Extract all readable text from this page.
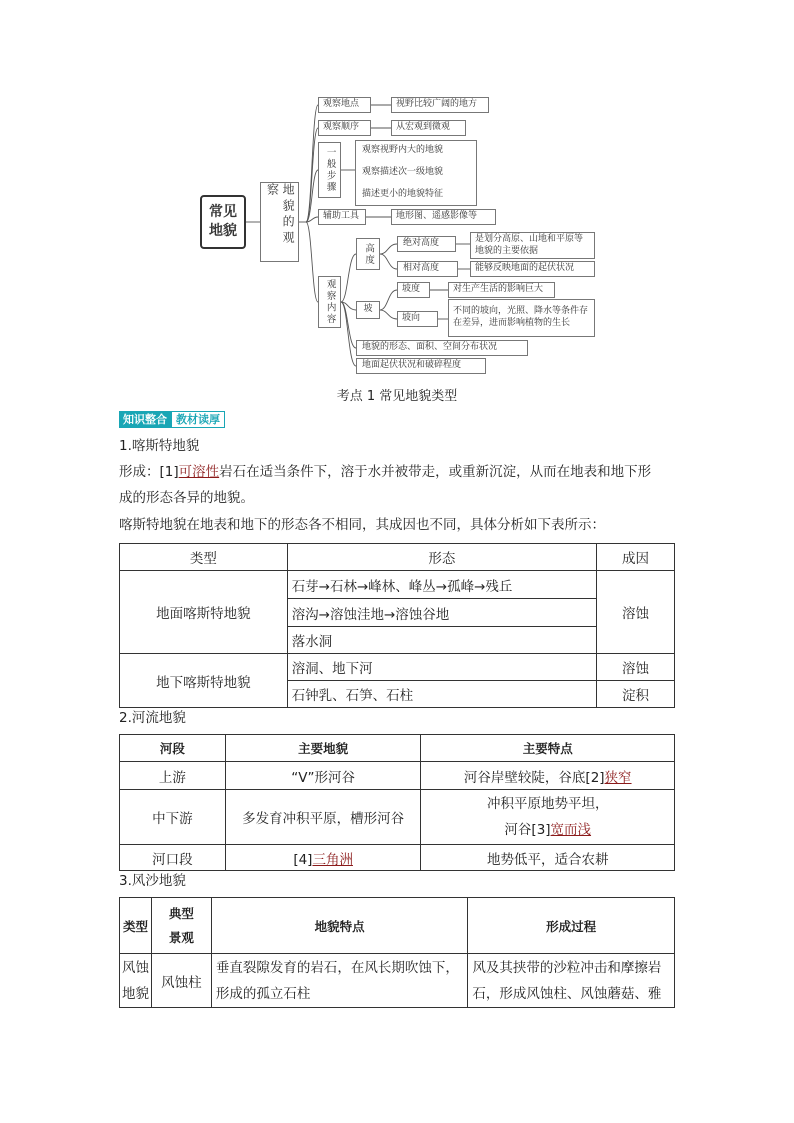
常见地貌	地貌的观察
观察地点	视野比较广阔的地方
观察顺序	从宏观到微观
一般步骤	观察视野内大的地貌
观察描述次一级地貌
描述更小的地貌特征
辅助工具	地形图、遥感影像等
观察内容
高度	绝对高度	是划分高原、山地和平原等地貌的主要依据
相对高度	能够反映地面的起伏状况
坡
坡度	对生产生活的影响巨大
坡向
不同的坡向，光照、降水等条件存在差异，进而影响植物的生长
地貌的形态、面积、空间分布状况
地面起伏状况和破碎程度
考点 1 常见地貌类型
知识整合 教材读厚
1.喀斯特地貌
形成：[1]可溶性岩石在适当条件下，溶于水并被带走，或重新沉淀，从而在地表和地下形
成的形态各异的地貌。
喀斯特地貌在地表和地下的形态各不相同，其成因也不同，具体分析如下表所示：
类型	形态	成因
地面喀斯特地貌	石芽→石林→峰林、峰丛→孤峰→残丘	溶蚀
	溶沟→溶蚀洼地→溶蚀谷地	
	落水洞	
地下喀斯特地貌	溶洞、地下河	溶蚀
	石钟乳、石笋、石柱	淀积
2.河流地貌
河段	主要地貌	主要特点
上游	“V”形河谷	河谷岸壁较陡，谷底[2]狭窄
中下游	多发育冲积平原，槽形河谷	冲积平原地势平坦，
河谷[3]宽而浅
河口段	[4]三角洲	地势低平，适合农耕
3.风沙地貌
类型	典型景观	地貌特点	形成过程
风蚀地貌	风蚀柱	垂直裂隙发育的岩石，在风长期吹蚀下，形成的孤立石柱	风及其挟带的沙粒冲击和摩擦岩石，形成风蚀柱、风蚀蘑菇、雅
